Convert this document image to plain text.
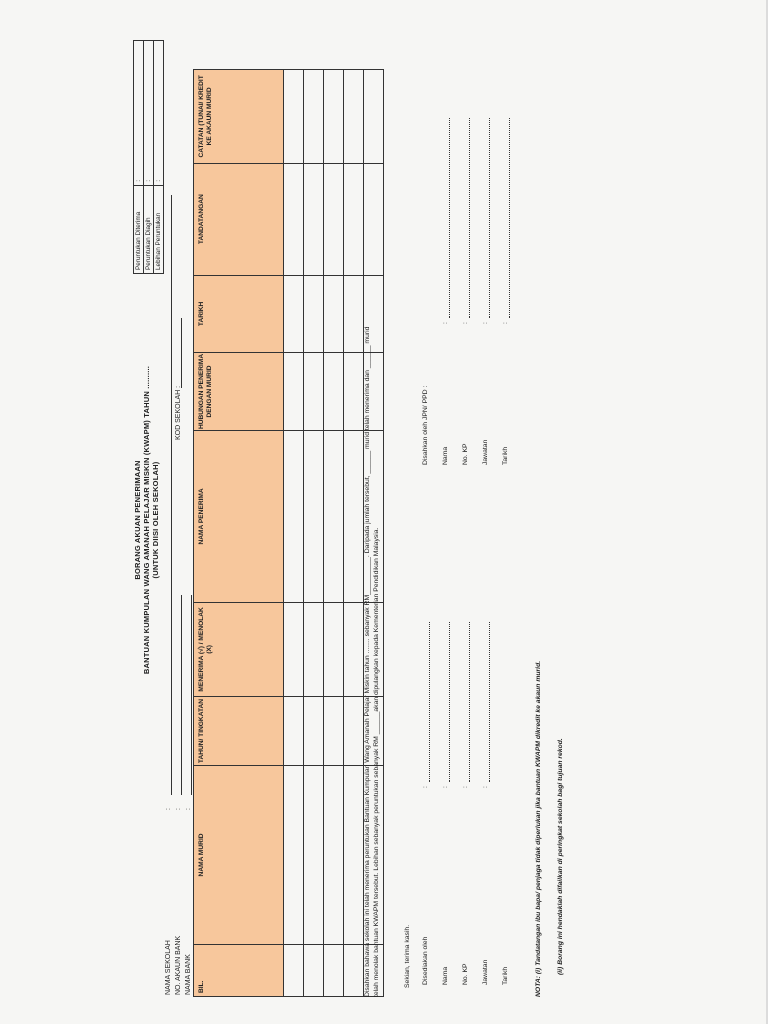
BORANG AKUAN PENERIMAAN BANTUAN KUMPULAN WANG AMANAH PELAJAR MISKIN (KWAPM) TAHUN .......... (UNTUK DIISI OLEH SEKOLAH)
NAMA SEKOLAH NO. AKAUN BANK NAMA BANK
: : :
KOD SEKOLAH :
Peruntukan Diterima	:
Peruntukan Diagih	:
Lebihan Peruntukan	:
BIL.	NAMA MURID	TAHUN/ TINGKATAN	MENERIMA (√) / MENOLAK (X)	NAMA PENERIMA	HUBUNGAN PENERIMA DENGAN MURID	TARIKH	TANDATANGAN	CATATAN (TUNAI/ KREDIT KE AKAUN MURID

Disahkan bahawa sekolah ini telah menerima peruntukan Bantuan Kumpulan Wang Amanah Pelajar Miskin tahun ........ sebanyak RM__________. Daripada jumlah tersebut, ______ murid telah menerima dan ______ murid telah menolak bantuan KWAPM tersebut. Lebihan sebanyak peruntukan sebanyak RM ______akan dipulangkan kepada Kementerian Pendidikan Malaysia.	Sekian, terima kasih. Disediakan oleh Nama No. KP Jawatan Tarikh
: : : :
Disahkan oleh JPN/ PPD : Nama No. KP Jawatan Tarikh
: : : :
NOTA: (i) Tandatangan ibu bapa/ penjaga tidak diperlukan jika bantuan KWAPM dikredit ke akaun murid. (ii) Borang ini hendaklah difailkan di peringkat sekolah bagi tujuan rekod.
